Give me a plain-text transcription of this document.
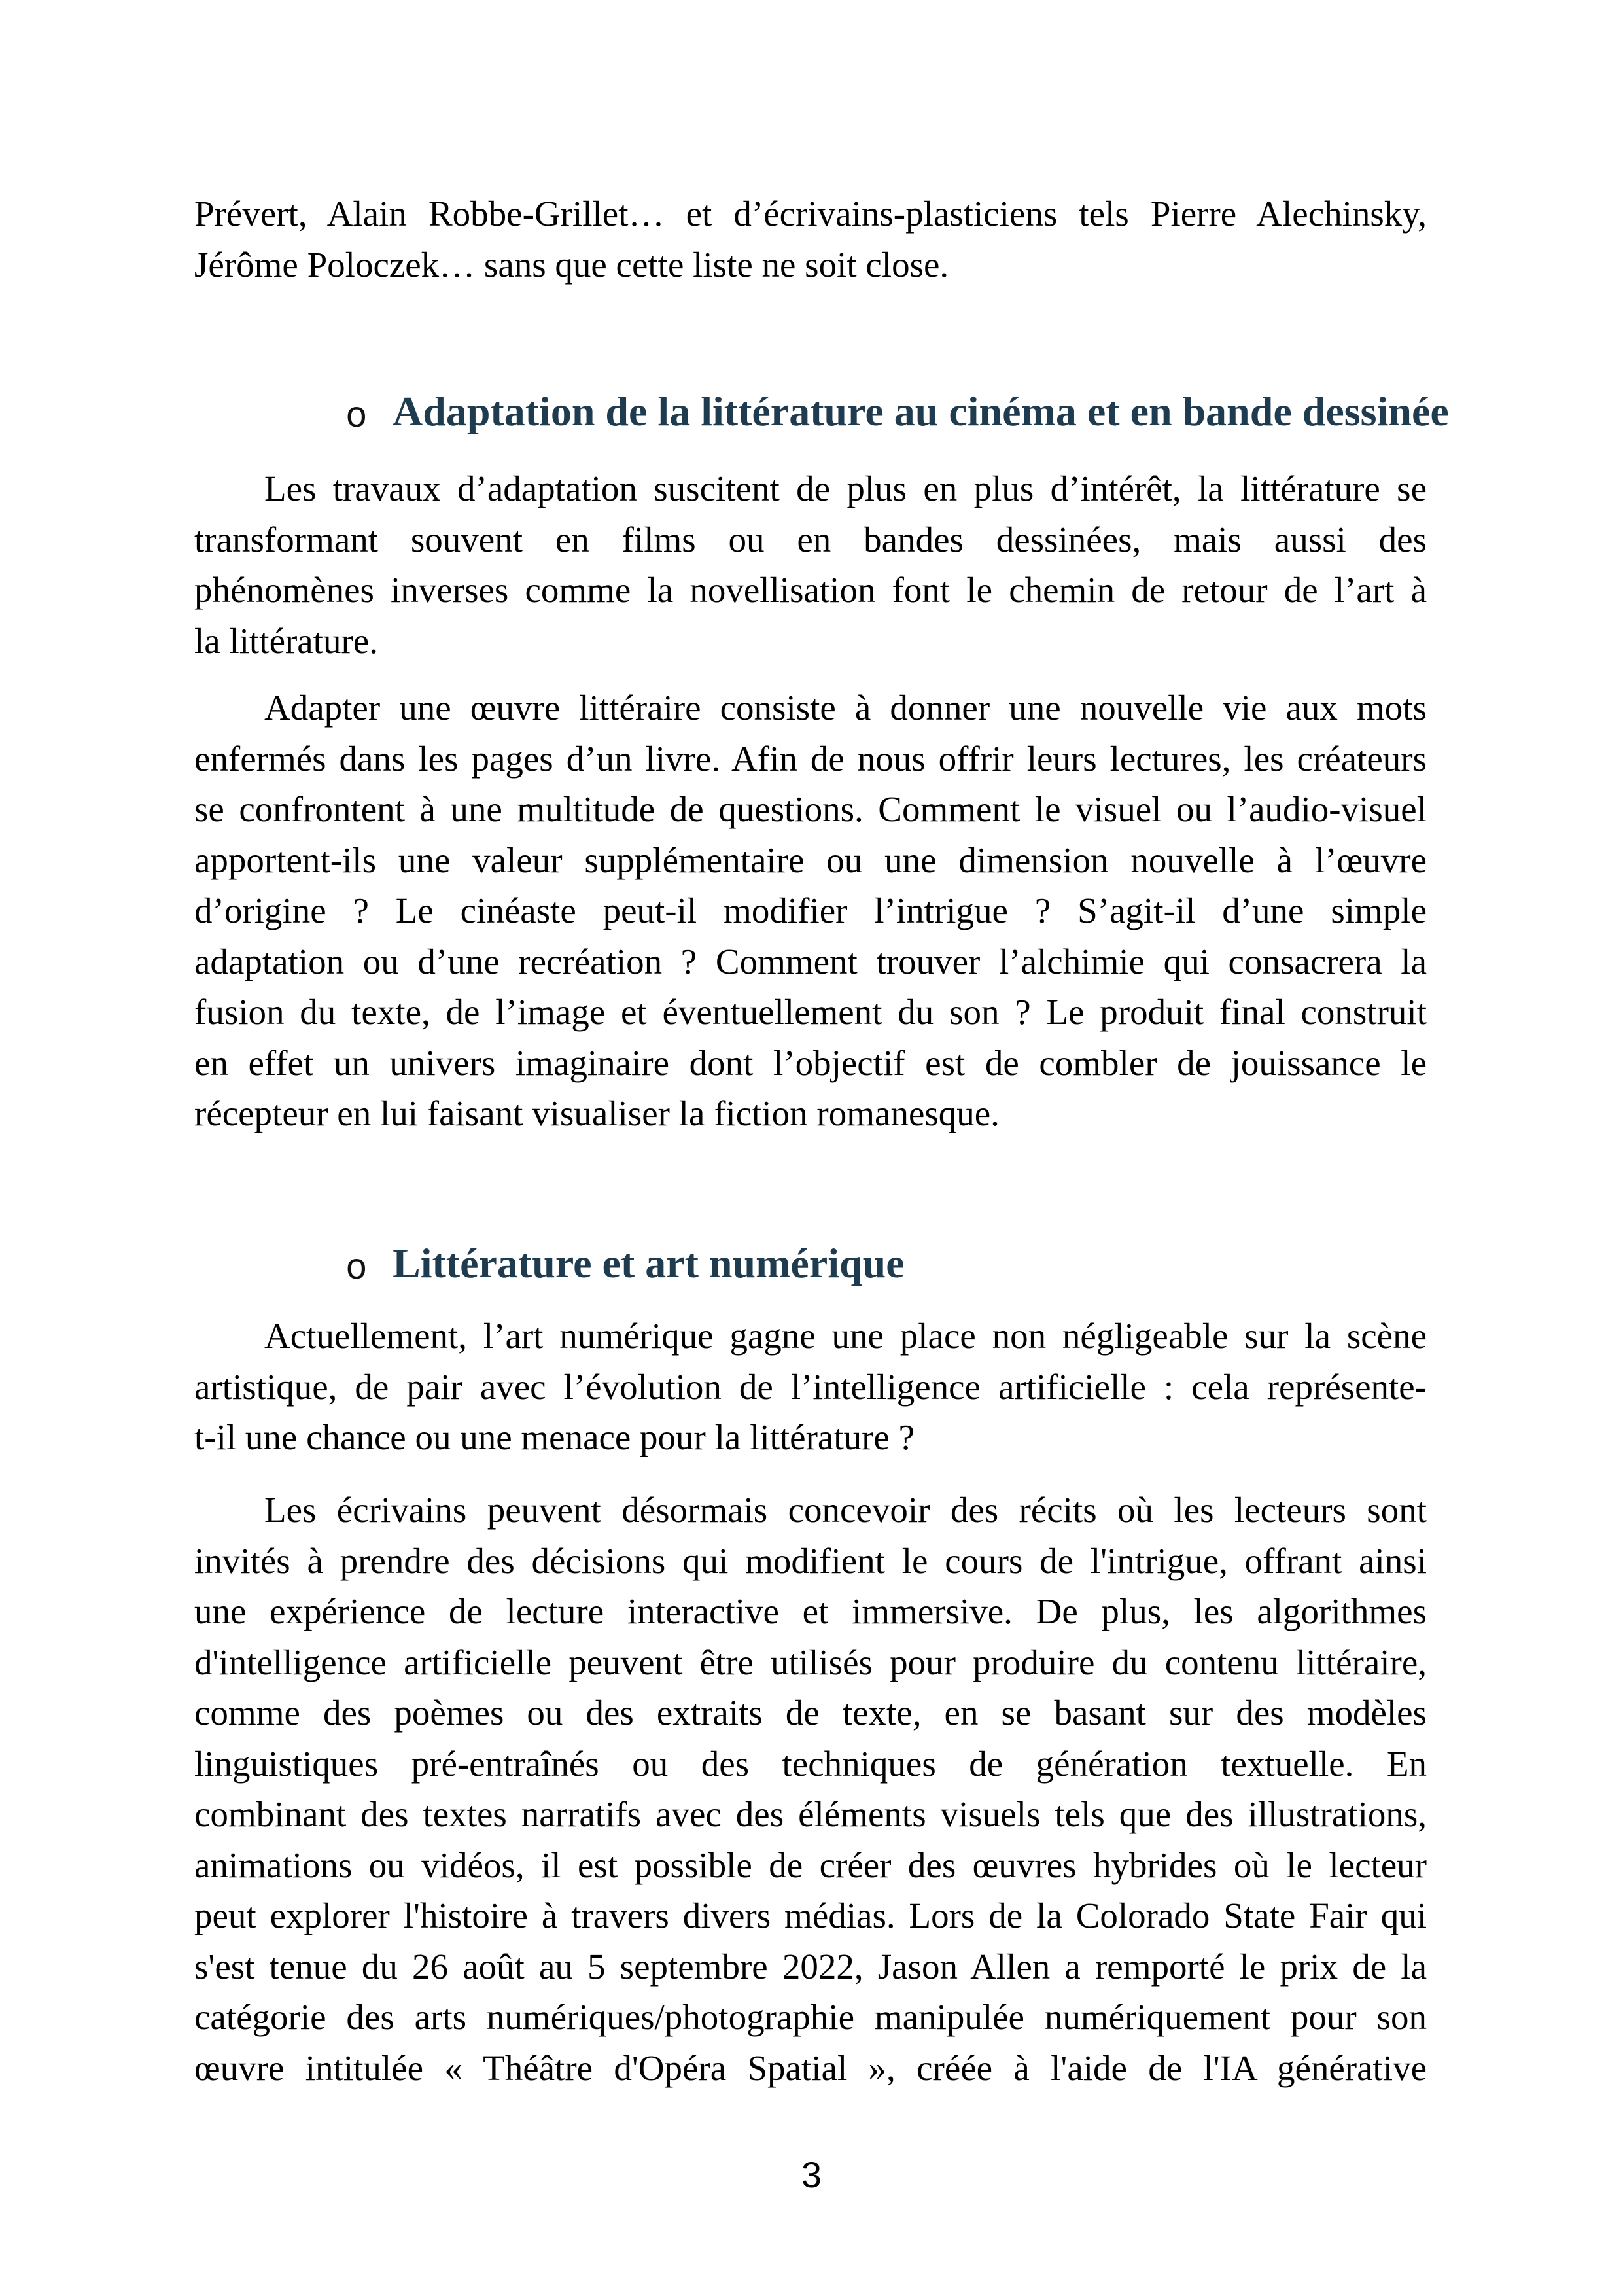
Prévert, Alain Robbe-Grillet… et d’écrivains-plasticiens tels Pierre Alechinsky,
Jérôme Poloczek… sans que cette liste ne soit close.
o Adaptation de la littérature au cinéma et en bande dessinée
Les travaux d’adaptation suscitent de plus en plus d’intérêt, la littérature se
transformant souvent en films ou en bandes dessinées, mais aussi des
phénomènes inverses comme la novellisation font le chemin de retour de l’art à
la littérature.
Adapter une œuvre littéraire consiste à donner une nouvelle vie aux mots
enfermés dans les pages d’un livre. Afin de nous offrir leurs lectures, les créateurs
se confrontent à une multitude de questions. Comment le visuel ou l’audio-visuel
apportent-ils une valeur supplémentaire ou une dimension nouvelle à l’œuvre
d’origine ? Le cinéaste peut-il modifier l’intrigue ? S’agit-il d’une simple
adaptation ou d’une recréation ? Comment trouver l’alchimie qui consacrera la
fusion du texte, de l’image et éventuellement du son ? Le produit final construit
en effet un univers imaginaire dont l’objectif est de combler de jouissance le
récepteur en lui faisant visualiser la fiction romanesque.
o Littérature et art numérique
Actuellement, l’art numérique gagne une place non négligeable sur la scène
artistique, de pair avec l’évolution de l’intelligence artificielle : cela représente-
t-il une chance ou une menace pour la littérature ?
Les écrivains peuvent désormais concevoir des récits où les lecteurs sont
invités à prendre des décisions qui modifient le cours de l'intrigue, offrant ainsi
une expérience de lecture interactive et immersive. De plus, les algorithmes
d'intelligence artificielle peuvent être utilisés pour produire du contenu littéraire,
comme des poèmes ou des extraits de texte, en se basant sur des modèles
linguistiques pré-entraînés ou des techniques de génération textuelle. En
combinant des textes narratifs avec des éléments visuels tels que des illustrations,
animations ou vidéos, il est possible de créer des œuvres hybrides où le lecteur
peut explorer l'histoire à travers divers médias. Lors de la Colorado State Fair qui
s'est tenue du 26 août au 5 septembre 2022, Jason Allen a remporté le prix de la
catégorie des arts numériques/photographie manipulée numériquement pour son
œuvre intitulée « Théâtre d'Opéra Spatial », créée à l'aide de l'IA générative
3
